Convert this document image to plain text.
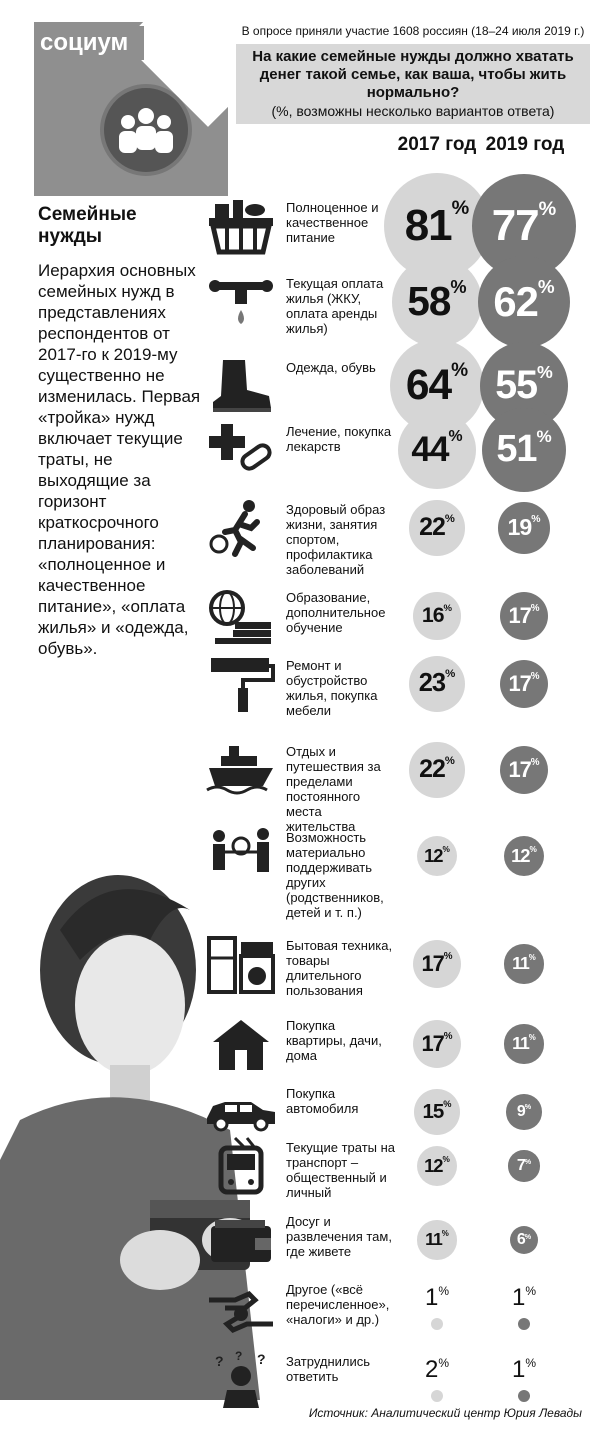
социум	В опросе приняли участие 1608 россиян (18–24 июля 2019 г.)
На какие семейные нужды должно хватать денег такой семье, как ваша, чтобы жить нормально?
(%, возможны несколько вариантов ответа)
2017 год 2019 год
Семейные нужды
Иерархия основных семейных нужд в представлениях респондентов от 2017-го к 2019-му существенно не изменилась. Первая «тройка» нужд включает текущие траты, не выходящие за горизонт краткосрочного планирования: «полноценное и качественное питание», «оплата жилья» и «одежда, обувь».
Полноценное и качественное питание	81 % 77 %
Текущая оплата жилья (ЖКУ, оплата аренды жилья)
58 % 62 %
Одежда, обувь 64 % 55 %
Лечение, покупка лекарств	44 % 51 %
Здоровый образ жизни, занятия спортом, профилактика заболеваний
22 % 19 %
Образование, дополнительное обучение
16 %	17 %
Ремонт и обустройство жилья, покупка мебели
23 % 17 %
Отдых и путешествия за пределами постоянного места жительства
22 % 17 %
Возможность материально поддерживать других (родственников, детей и т. п.)
12 %	12 %
Бытовая техника, товары длительного пользования
17 %	11 %
Покупка квартиры, дачи, дома	17 %	11 %
Покупка автомобиля	15 %	9 %
Текущие траты на транспорт – общественный и личный
12 %	7 %
Досуг и развлечения там, где живете
11 %	6 %
Другое («всё перечисленное», «налоги» и др.)
1%	1%
? ?
?	Затруднились ответить	2%	1%
Источник: Аналитический центр Юрия Левады
